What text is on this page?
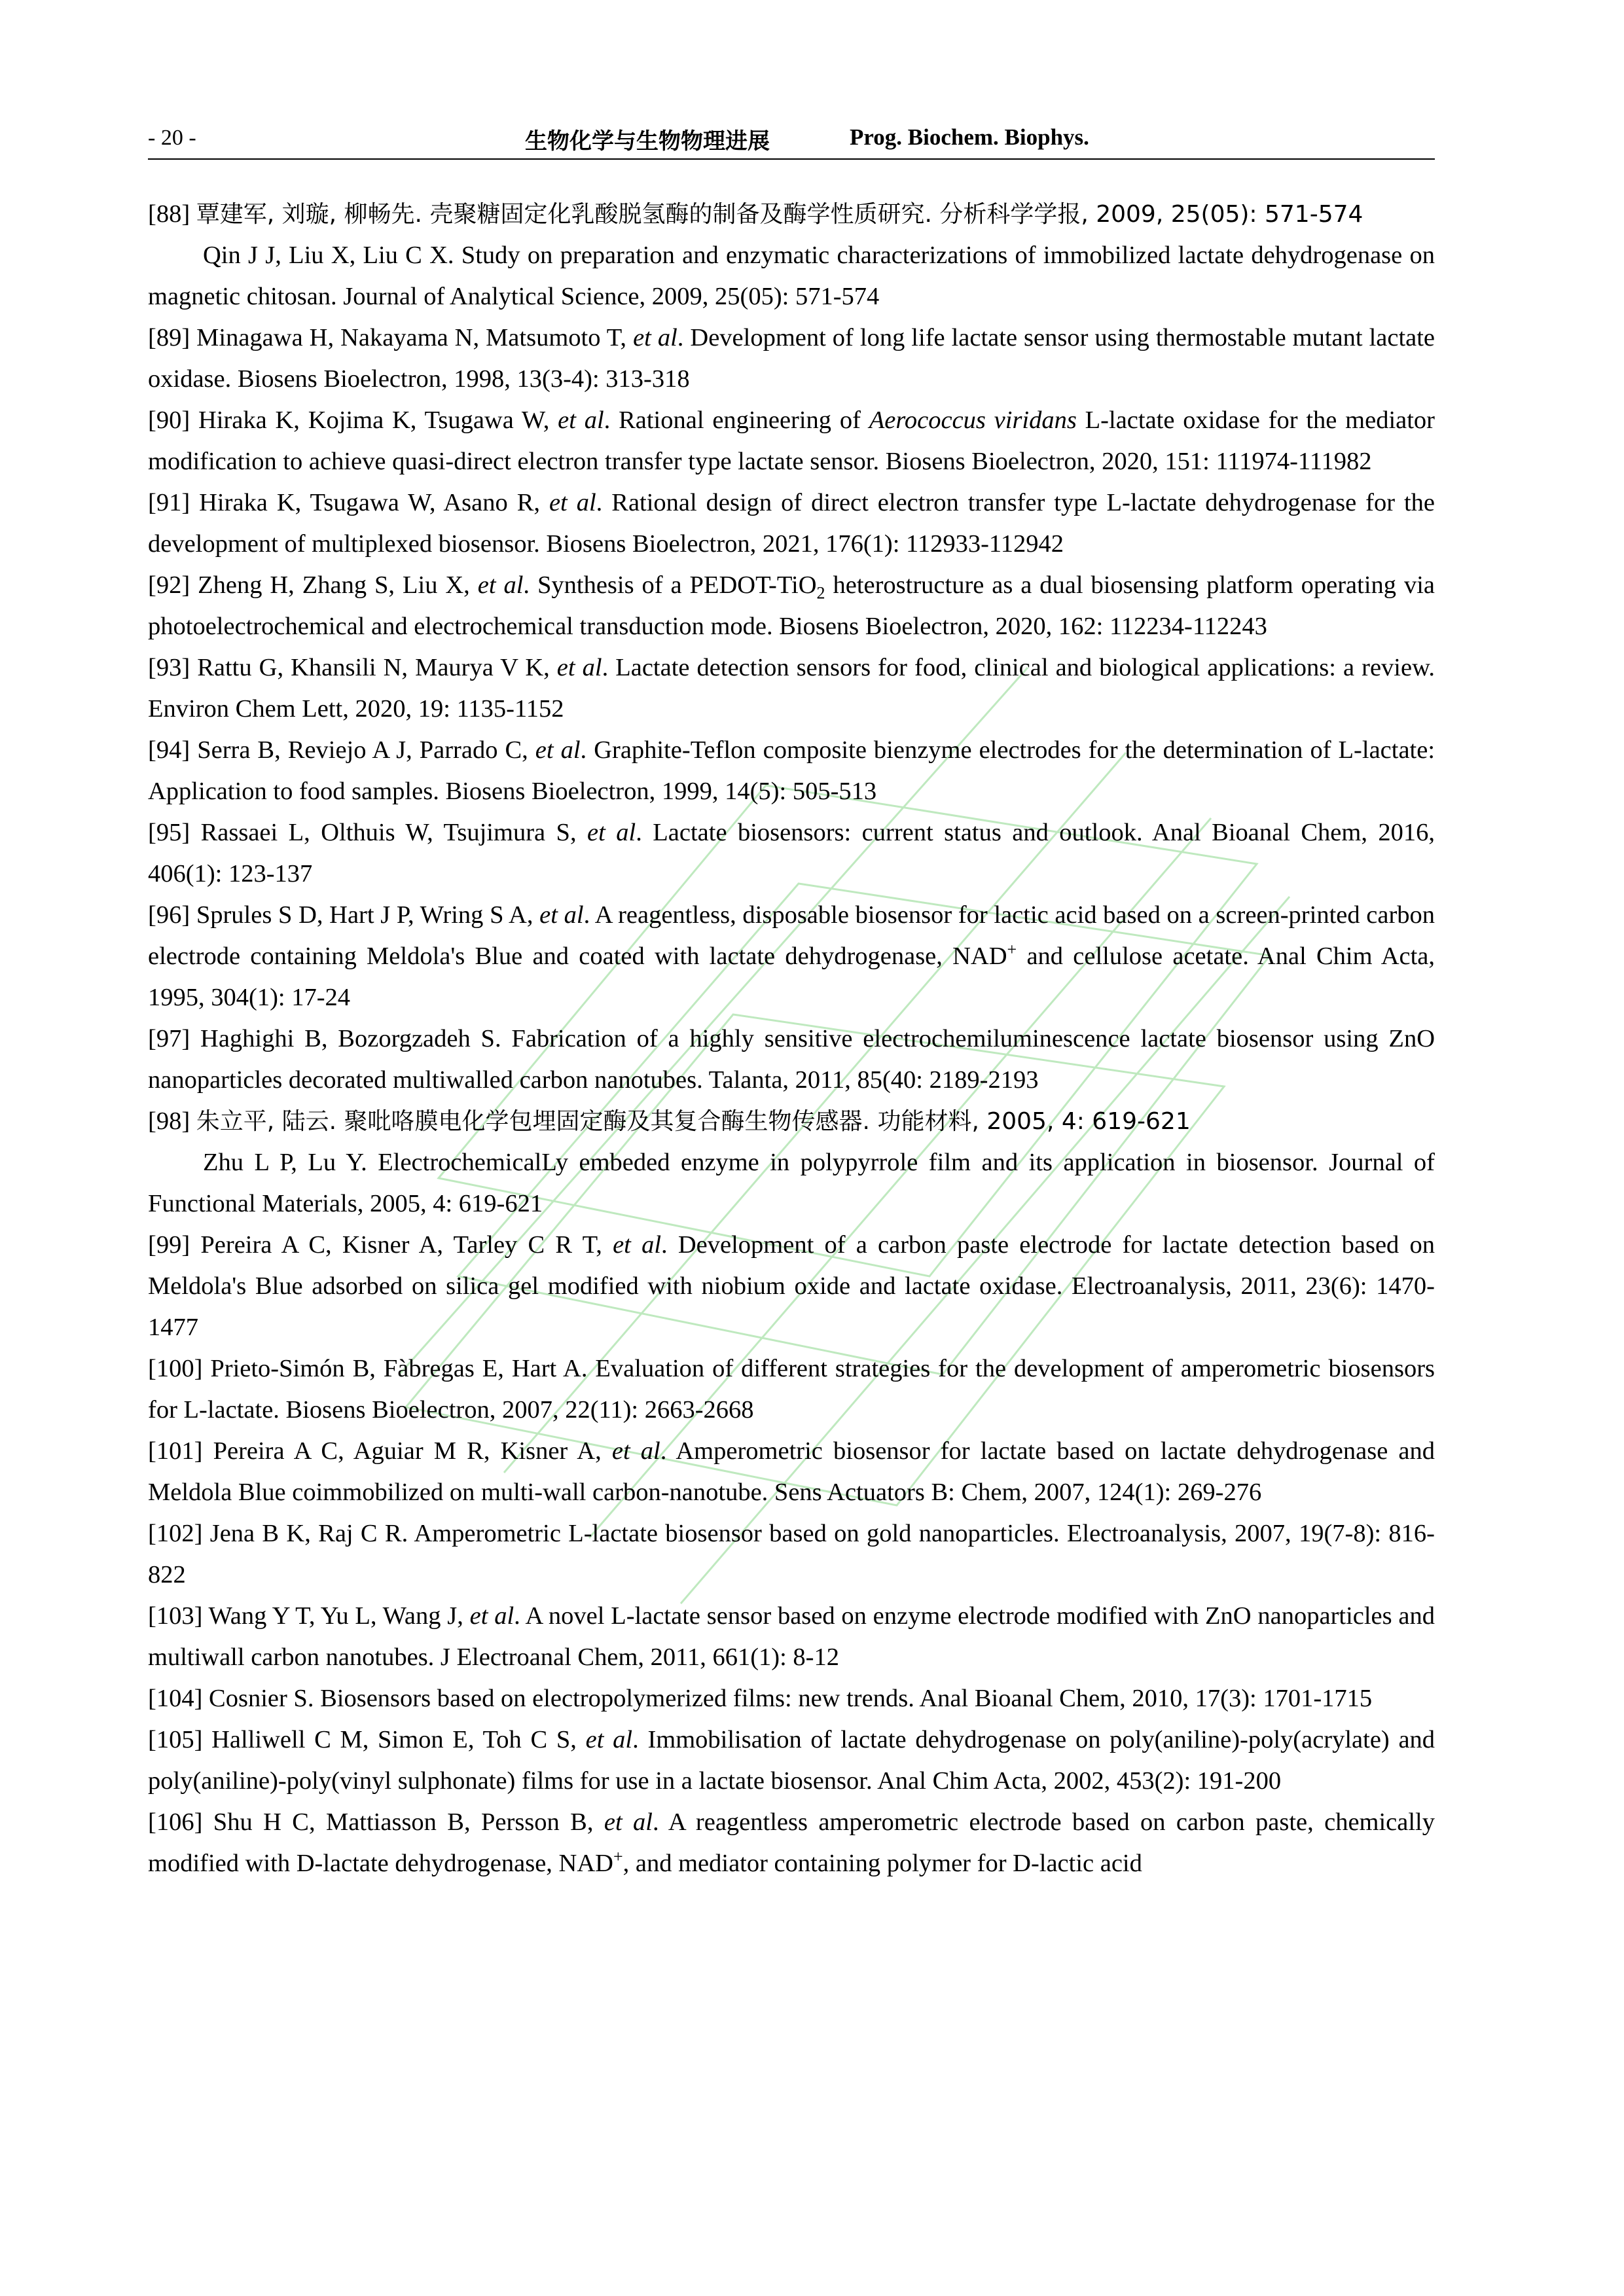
- 20 -	生物化学与生物物理进展	Prog. Biochem. Biophys.

[88] 覃建军, 刘璇, 柳畅先. 壳聚糖固定化乳酸脱氢酶的制备及酶学性质研究. 分析科学学报, 2009, 25(05): 571-574

Qin J J, Liu X, Liu C X. Study on preparation and enzymatic characterizations of immobilized lactate dehydrogenase on magnetic chitosan. Journal of Analytical Science, 2009, 25(05): 571-574

[89] Minagawa H, Nakayama N, Matsumoto T, et al. Development of long life lactate sensor using thermostable mutant lactate oxidase. Biosens Bioelectron, 1998, 13(3-4): 313-318

[90] Hiraka K, Kojima K, Tsugawa W, et al. Rational engineering of Aerococcus viridans L-lactate oxidase for the mediator modification to achieve quasi-direct electron transfer type lactate sensor. Biosens Bioelectron, 2020, 151: 111974-111982

[91] Hiraka K, Tsugawa W, Asano R, et al. Rational design of direct electron transfer type L-lactate dehydrogenase for the development of multiplexed biosensor. Biosens Bioelectron, 2021, 176(1): 112933-112942

[92] Zheng H, Zhang S, Liu X, et al. Synthesis of a PEDOT-TiO$_2$ heterostructure as a dual biosensing platform operating via photoelectrochemical and electrochemical transduction mode. Biosens Bioelectron, 2020, 162: 112234-112243

[93] Rattu G, Khansili N, Maurya V K, et al. Lactate detection sensors for food, clinical and biological applications: a review. Environ Chem Lett, 2020, 19: 1135-1152

[94] Serra B, Reviejo A J, Parrado C, et al. Graphite-Teflon composite bienzyme electrodes for the determination of L-lactate: Application to food samples. Biosens Bioelectron, 1999, 14(5): 505-513

[95] Rassaei L, Olthuis W, Tsujimura S, et al. Lactate biosensors: current status and outlook. Anal Bioanal Chem, 2016, 406(1): 123-137

[96] Sprules S D, Hart J P, Wring S A, et al. A reagentless, disposable biosensor for lactic acid based on a screen-printed carbon electrode containing Meldola's Blue and coated with lactate dehydrogenase, NAD+ and cellulose acetate. Anal Chim Acta, 1995, 304(1): 17-24

[97] Haghighi B, Bozorgzadeh S. Fabrication of a highly sensitive electrochemiluminescence lactate biosensor using ZnO nanoparticles decorated multiwalled carbon nanotubes. Talanta, 2011, 85(40: 2189-2193

[98] 朱立平, 陆云. 聚吡咯膜电化学包埋固定酶及其复合酶生物传感器. 功能材料, 2005, 4: 619-621

Zhu L P, Lu Y. ElectrochemicalLy embeded enzyme in polypyrrole film and its application in biosensor. Journal of Functional Materials, 2005, 4: 619-621

[99] Pereira A C, Kisner A, Tarley C R T, et al. Development of a carbon paste electrode for lactate detection based on Meldola's Blue adsorbed on silica gel modified with niobium oxide and lactate oxidase. Electroanalysis, 2011, 23(6): 1470-1477

[100] Prieto-Simón B, Fàbregas E, Hart A. Evaluation of different strategies for the development of amperometric biosensors for L-lactate. Biosens Bioelectron, 2007, 22(11): 2663-2668

[101] Pereira A C, Aguiar M R, Kisner A, et al. Amperometric biosensor for lactate based on lactate dehydrogenase and Meldola Blue coimmobilized on multi-wall carbon-nanotube. Sens Actuators B: Chem, 2007, 124(1): 269-276

[102] Jena B K, Raj C R. Amperometric L-lactate biosensor based on gold nanoparticles. Electroanalysis, 2007, 19(7-8): 816-822

[103] Wang Y T, Yu L, Wang J, et al. A novel L-lactate sensor based on enzyme electrode modified with ZnO nanoparticles and multiwall carbon nanotubes. J Electroanal Chem, 2011, 661(1): 8-12

[104] Cosnier S. Biosensors based on electropolymerized films: new trends. Anal Bioanal Chem, 2010, 17(3): 1701-1715

[105] Halliwell C M, Simon E, Toh C S, et al. Immobilisation of lactate dehydrogenase on poly(aniline)-poly(acrylate) and poly(aniline)-poly(vinyl sulphonate) films for use in a lactate biosensor. Anal Chim Acta, 2002, 453(2): 191-200

[106] Shu H C, Mattiasson B, Persson B, et al. A reagentless amperometric electrode based on carbon paste, chemically modified with D-lactate dehydrogenase, NAD+, and mediator containing polymer for D-lactic acid
